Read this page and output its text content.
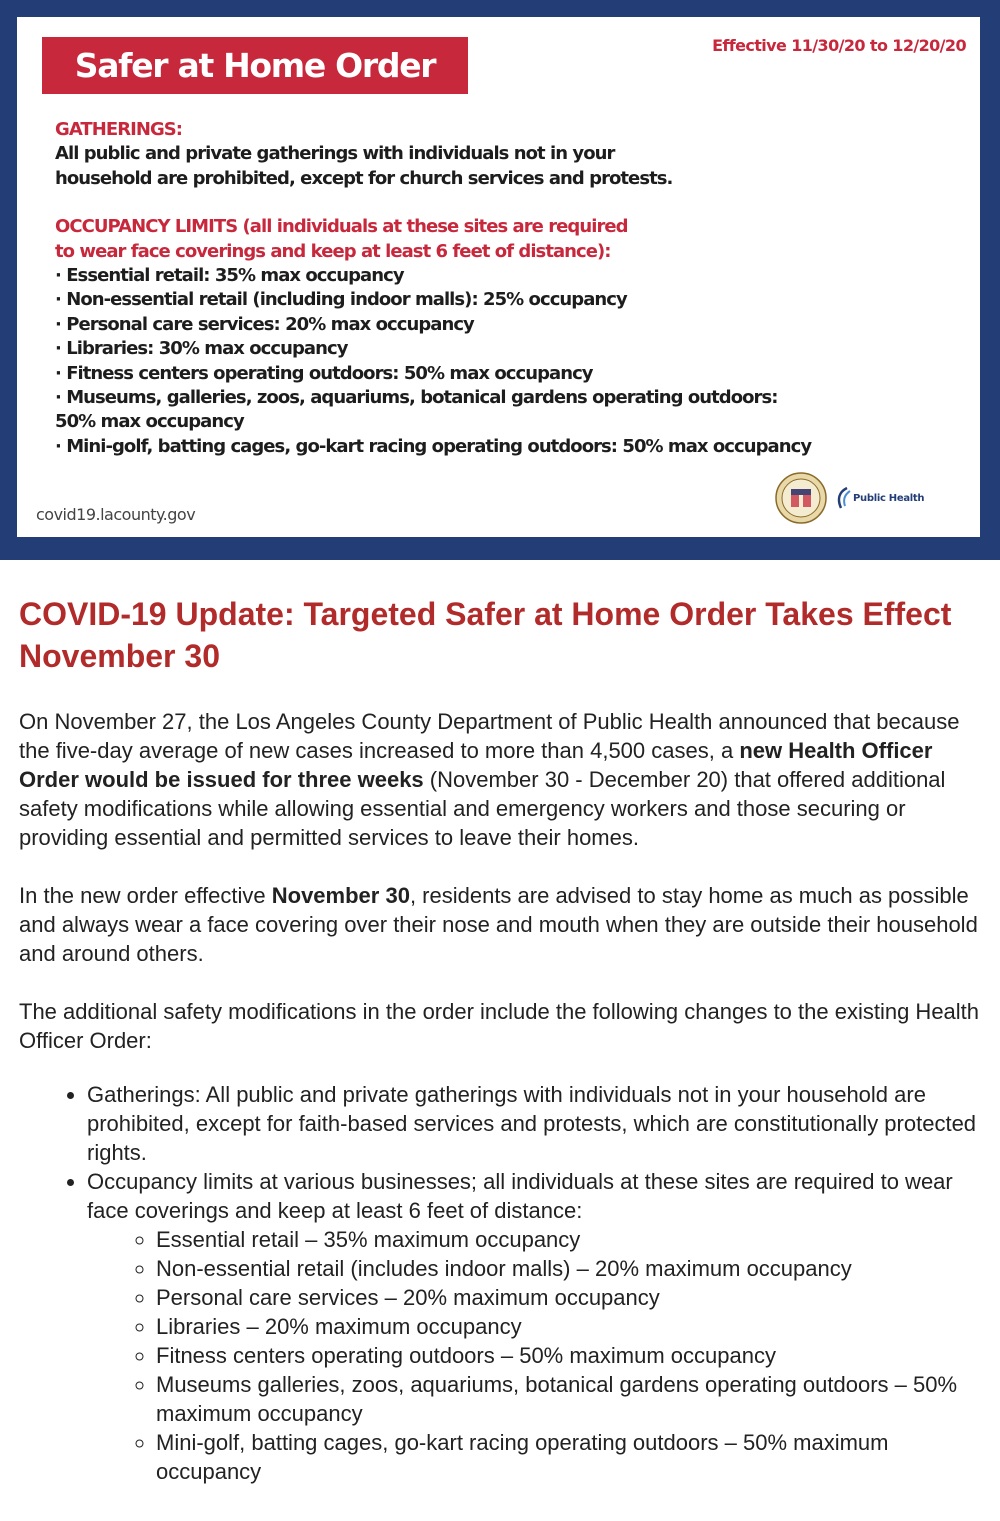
Safer at Home Order
Effective 11/30/20 to 12/20/20

GATHERINGS:

All public and private gatherings with individuals not in your

household are prohibited, except for church services and protests.

OCCUPANCY LIMITS (all individuals at these sites are required

to wear face coverings and keep at least 6 feet of distance):

· Essential retail: 35% max occupancy
· Non-essential retail (including indoor malls): 25% occupancy
· Personal care services: 20% max occupancy
· Libraries: 30% max occupancy
· Fitness centers operating outdoors: 50% max occupancy
· Museums, galleries, zoos, aquariums, botanical gardens operating outdoors:
50% max occupancy
· Mini-golf, batting cages, go-kart racing operating outdoors: 50% max occupancy
covid19.lacounty.gov
Public Health
COVID-19 Update: Targeted Safer at Home Order Takes Effect November 30

On November 27, the Los Angeles County Department of Public Health announced that because the five-day average of new cases increased to more than 4,500 cases, a new Health Officer Order would be issued for three weeks (November 30 - December 20) that offered additional safety modifications while allowing essential and emergency workers and those securing or providing essential and permitted services to leave their homes.

In the new order effective November 30, residents are advised to stay home as much as possible and always wear a face covering over their nose and mouth when they are outside their household and around others.

The additional safety modifications in the order include the following changes to the existing Health Officer Order:

• Gatherings: All public and private gatherings with individuals not in your household are prohibited, except for faith-based services and protests, which are constitutionally protected rights.
• Occupancy limits at various businesses; all individuals at these sites are required to wear face coverings and keep at least 6 feet of distance:
◦ Essential retail – 35% maximum occupancy
◦ Non-essential retail (includes indoor malls) – 20% maximum occupancy
◦ Personal care services – 20% maximum occupancy
◦ Libraries – 20% maximum occupancy
◦ Fitness centers operating outdoors – 50% maximum occupancy
◦ Museums galleries, zoos, aquariums, botanical gardens operating outdoors – 50% maximum occupancy
◦ Mini-golf, batting cages, go-kart racing operating outdoors – 50% maximum occupancy
